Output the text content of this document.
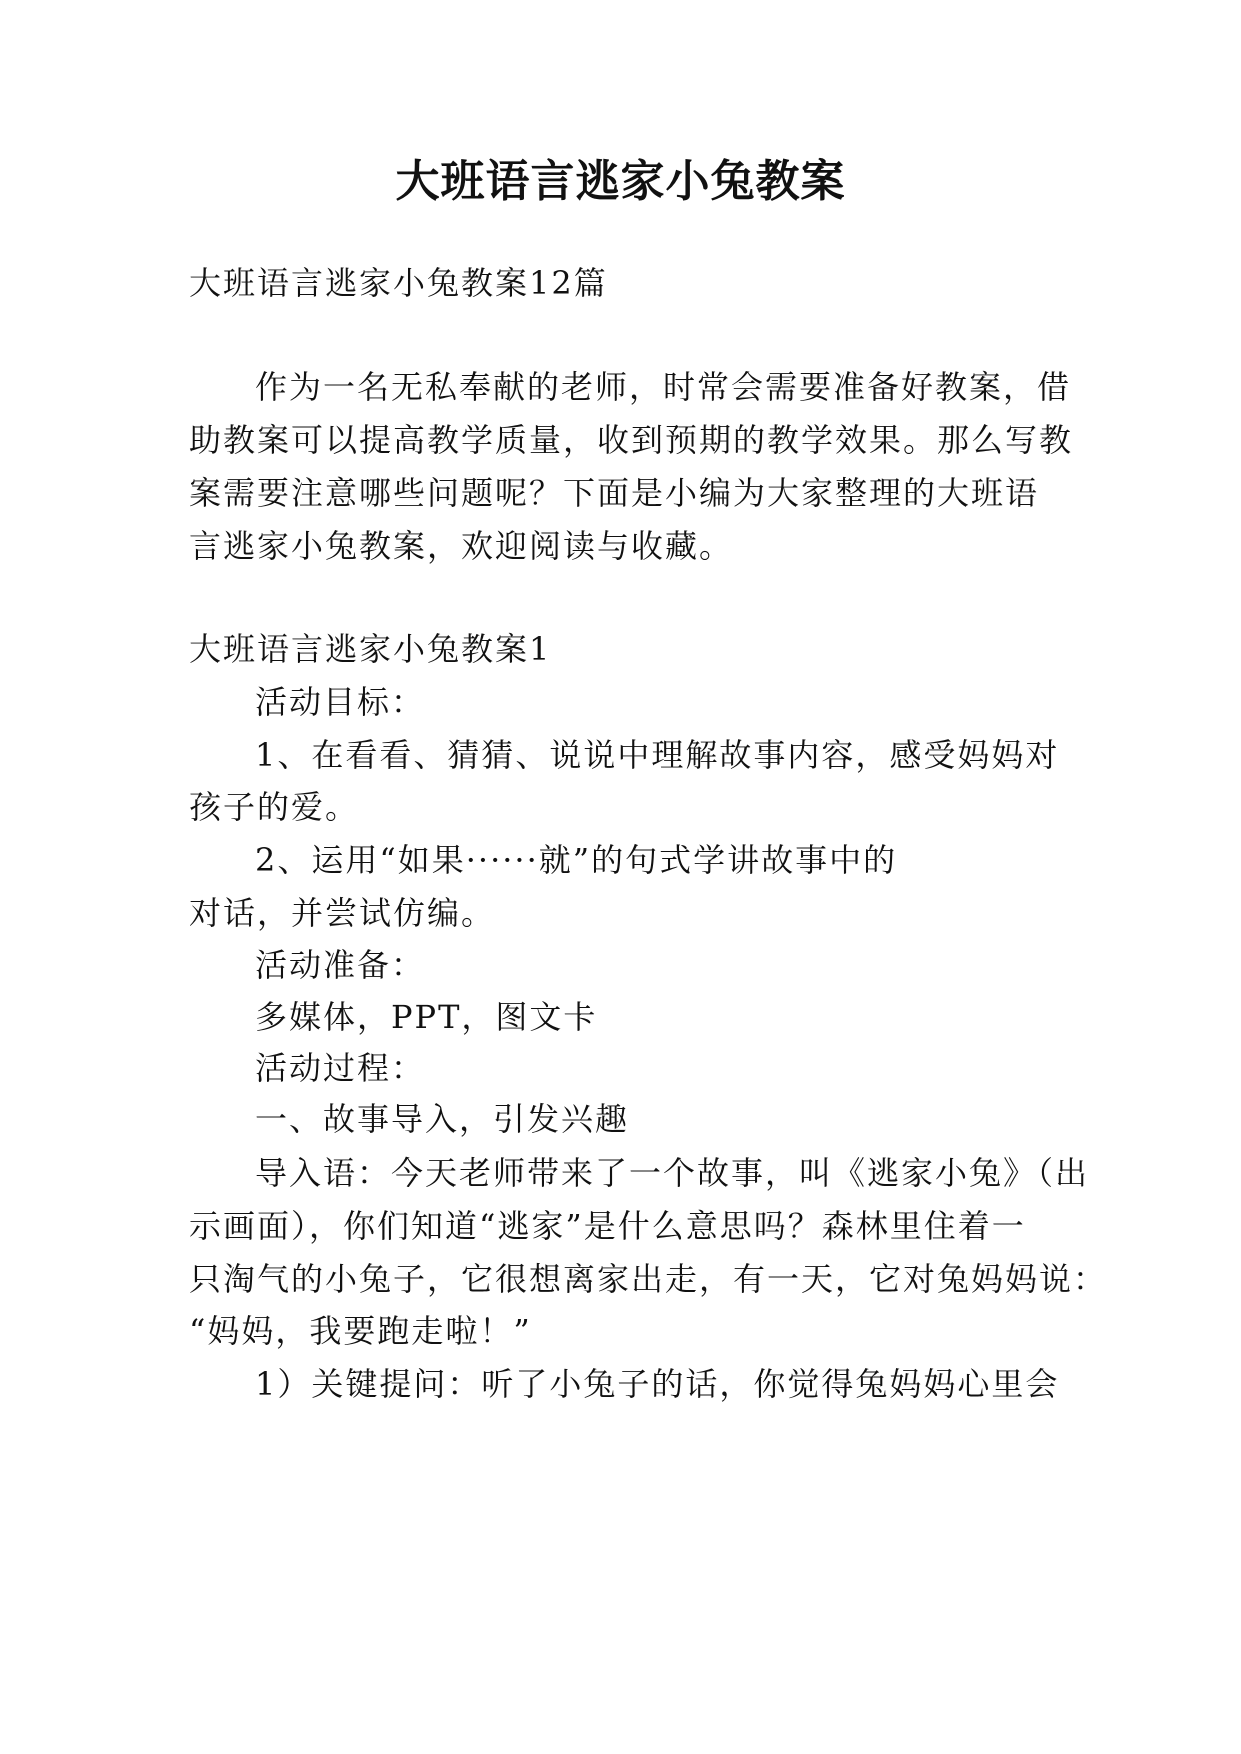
大班语言逃家小兔教案
大班语言逃家小兔教案12篇
作为一名无私奉献的老师，时常会需要准备好教案，借
助教案可以提高教学质量，收到预期的教学效果。那么写教
案需要注意哪些问题呢？下面是小编为大家整理的大班语
言逃家小兔教案，欢迎阅读与收藏。
大班语言逃家小兔教案1
活动目标：
1、在看看、猜猜、说说中理解故事内容，感受妈妈对
孩子的爱。
2、运用“如果······就”的句式学讲故事中的
对话，并尝试仿编。
活动准备：
多媒体，PPT，图文卡
活动过程：
一、故事导入，引发兴趣
导入语：今天老师带来了一个故事，叫《逃家小兔》（出
示画面），你们知道“逃家”是什么意思吗？森林里住着一
只淘气的小兔子，它很想离家出走，有一天，它对兔妈妈说：
“妈妈，我要跑走啦！”
1）关键提问：听了小兔子的话，你觉得兔妈妈心里会
